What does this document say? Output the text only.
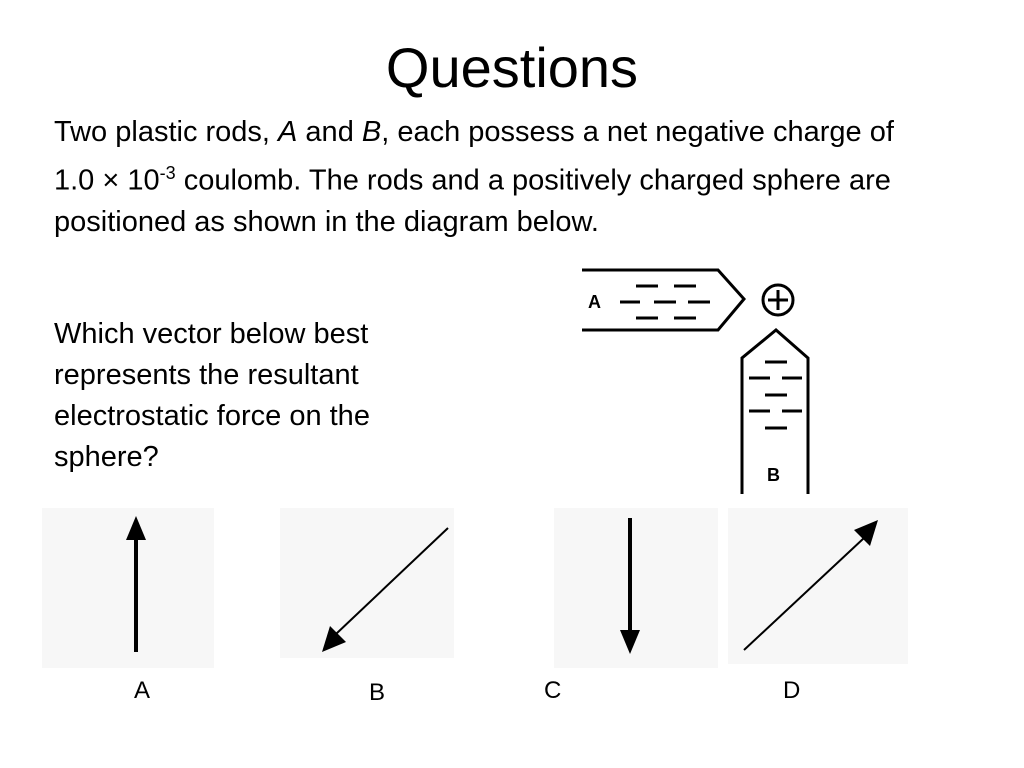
Questions
Two plastic rods, A and B, each possess a net negative charge of $1.0 \times 10^{-3}$ coulomb. The rods and a positively charged sphere are positioned as shown in the diagram below.
Which vector below best represents the resultant electrostatic force on the sphere?
A
B
A	B	C	D
